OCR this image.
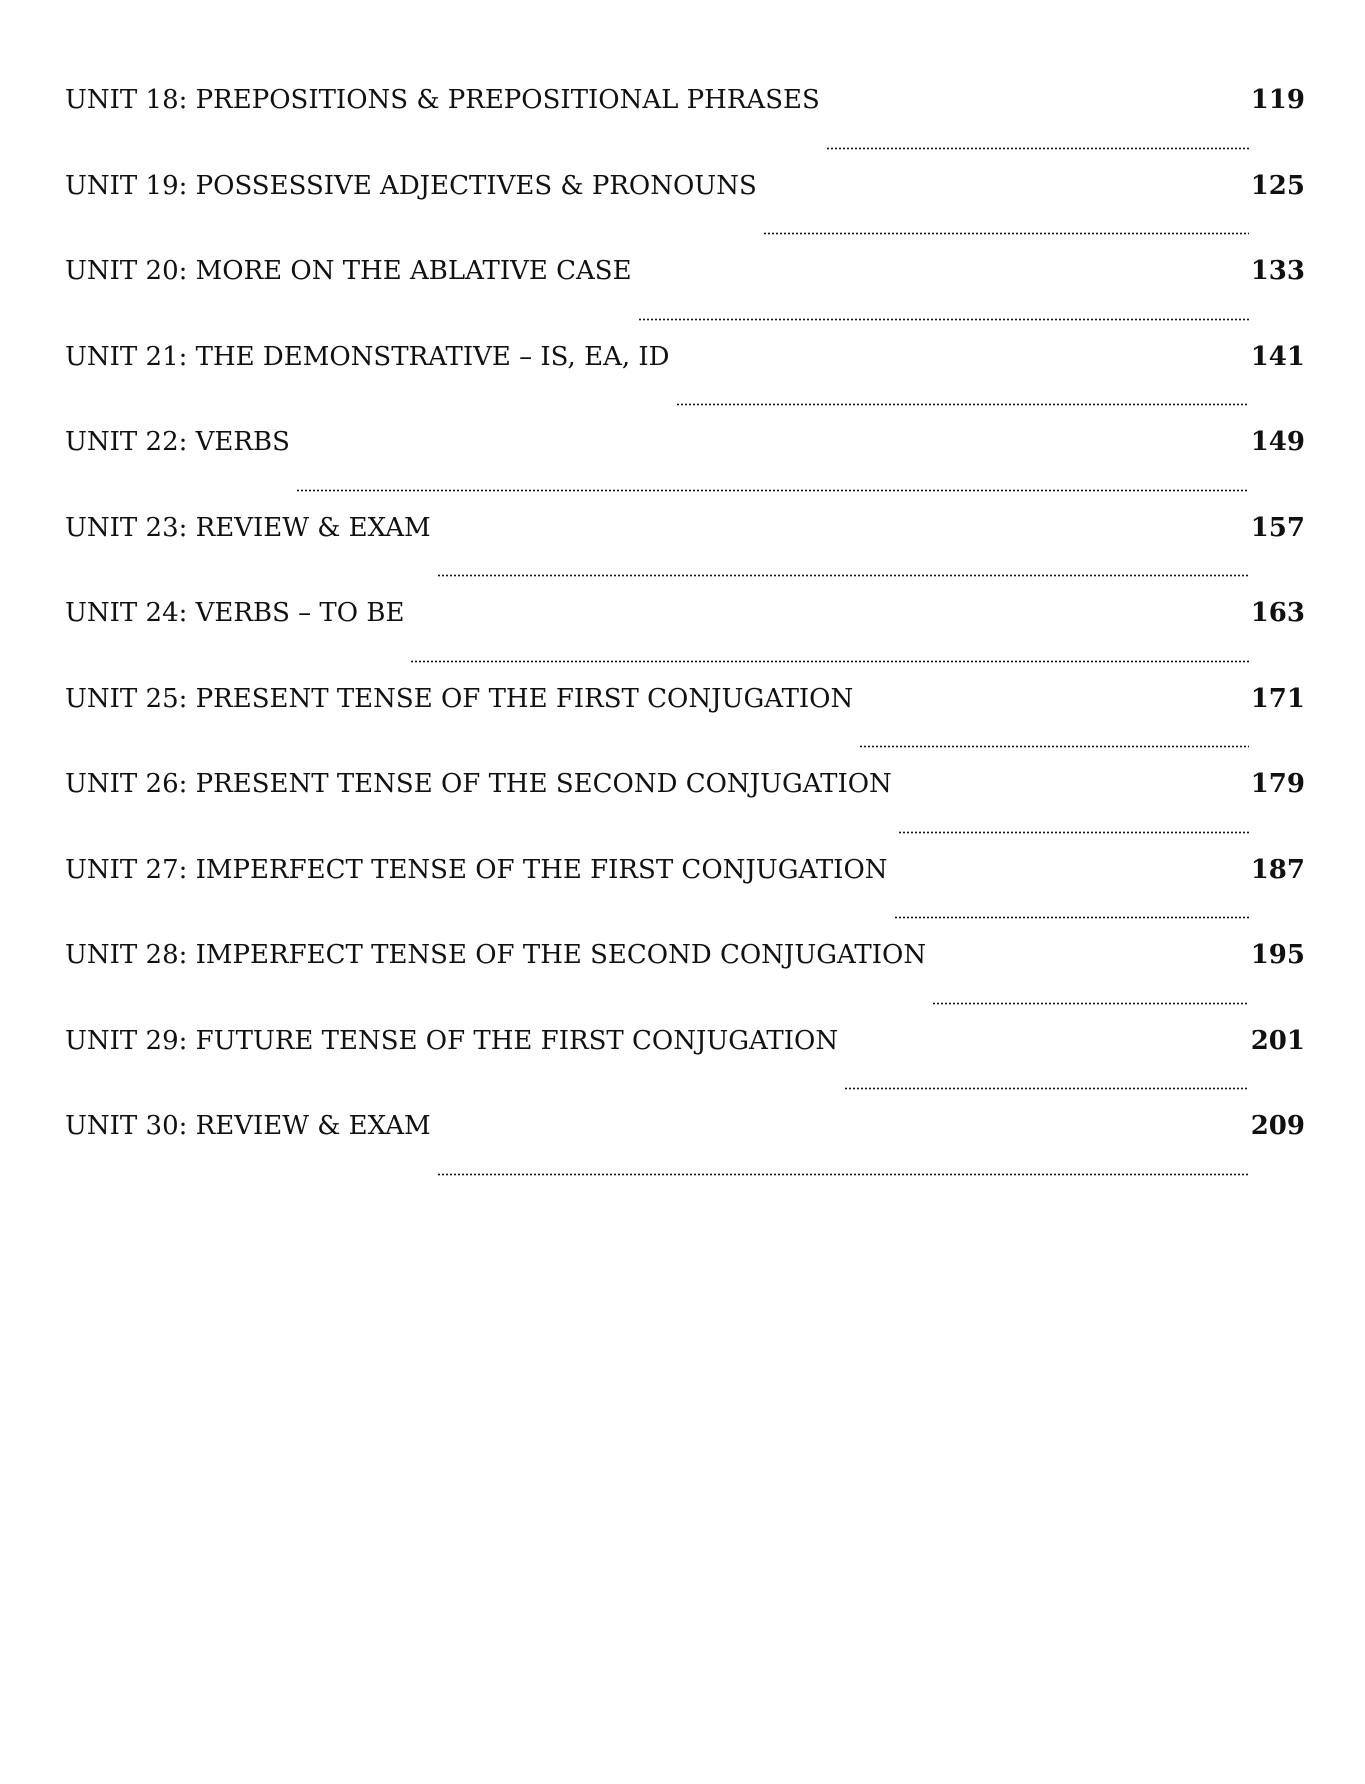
UNIT 18: PREPOSITIONS & PREPOSITIONAL PHRASES	119
UNIT 19: POSSESSIVE ADJECTIVES & PRONOUNS	125
UNIT 20: MORE ON THE ABLATIVE CASE	133
UNIT 21: THE DEMONSTRATIVE – IS, EA, ID	141
UNIT 22: VERBS	149
UNIT 23: REVIEW & EXAM	157
UNIT 24: VERBS – TO BE	163
UNIT 25: PRESENT TENSE OF THE FIRST CONJUGATION	171
UNIT 26: PRESENT TENSE OF THE SECOND CONJUGATION	179
UNIT 27: IMPERFECT TENSE OF THE FIRST CONJUGATION	187
UNIT 28: IMPERFECT TENSE OF THE SECOND CONJUGATION	195
UNIT 29: FUTURE TENSE OF THE FIRST CONJUGATION	201
UNIT 30: REVIEW & EXAM	209
